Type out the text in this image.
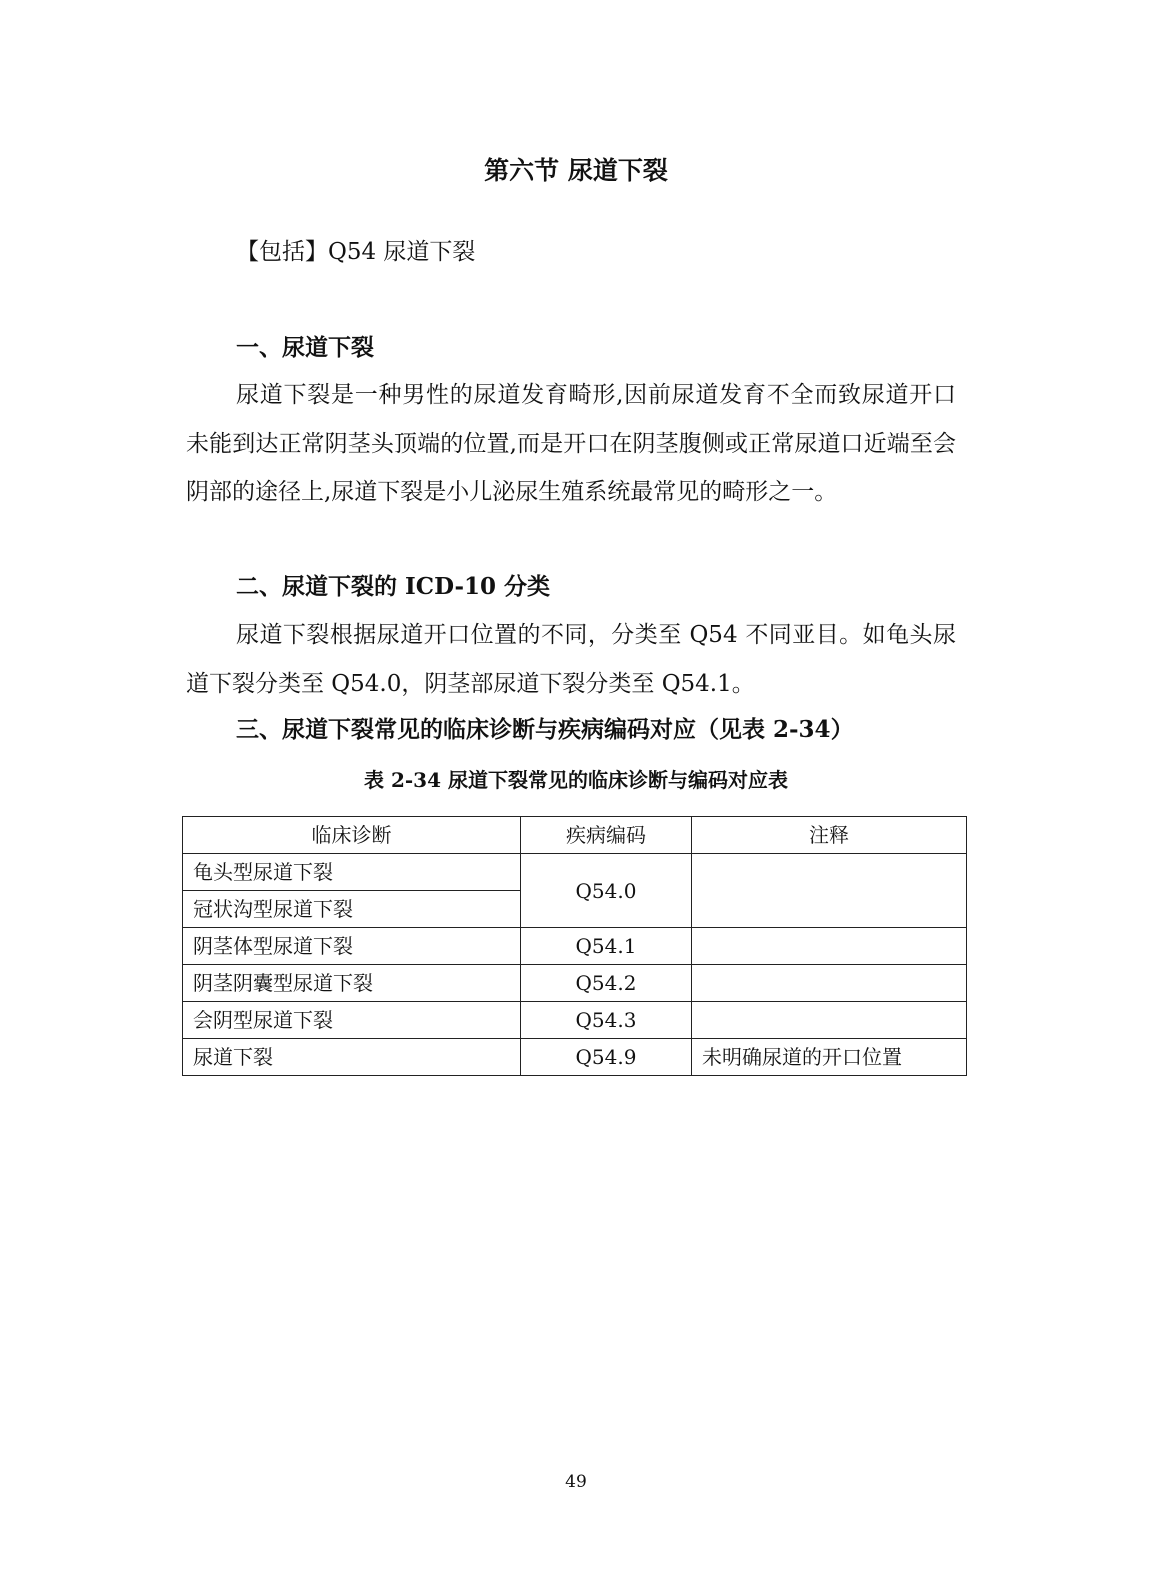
第六节 尿道下裂
【包括】Q54 尿道下裂
一、尿道下裂

尿道下裂是一种男性的尿道发育畸形,因前尿道发育不全而致尿道开口未能到达正常阴茎头顶端的位置,而是开口在阴茎腹侧或正常尿道口近端至会阴部的途径上,尿道下裂是小儿泌尿生殖系统最常见的畸形之一。

二、尿道下裂的 ICD-10 分类

尿道下裂根据尿道开口位置的不同，分类至 Q54 不同亚目。如龟头尿道下裂分类至 Q54.0，阴茎部尿道下裂分类至 Q54.1。

三、尿道下裂常见的临床诊断与疾病编码对应（见表 2-34）
表 2-34 尿道下裂常见的临床诊断与编码对应表
临床诊断	疾病编码	注释
龟头型尿道下裂	Q54.0	
冠状沟型尿道下裂		
阴茎体型尿道下裂	Q54.1	
阴茎阴囊型尿道下裂	Q54.2	
会阴型尿道下裂	Q54.3	
尿道下裂	Q54.9	未明确尿道的开口位置
49
